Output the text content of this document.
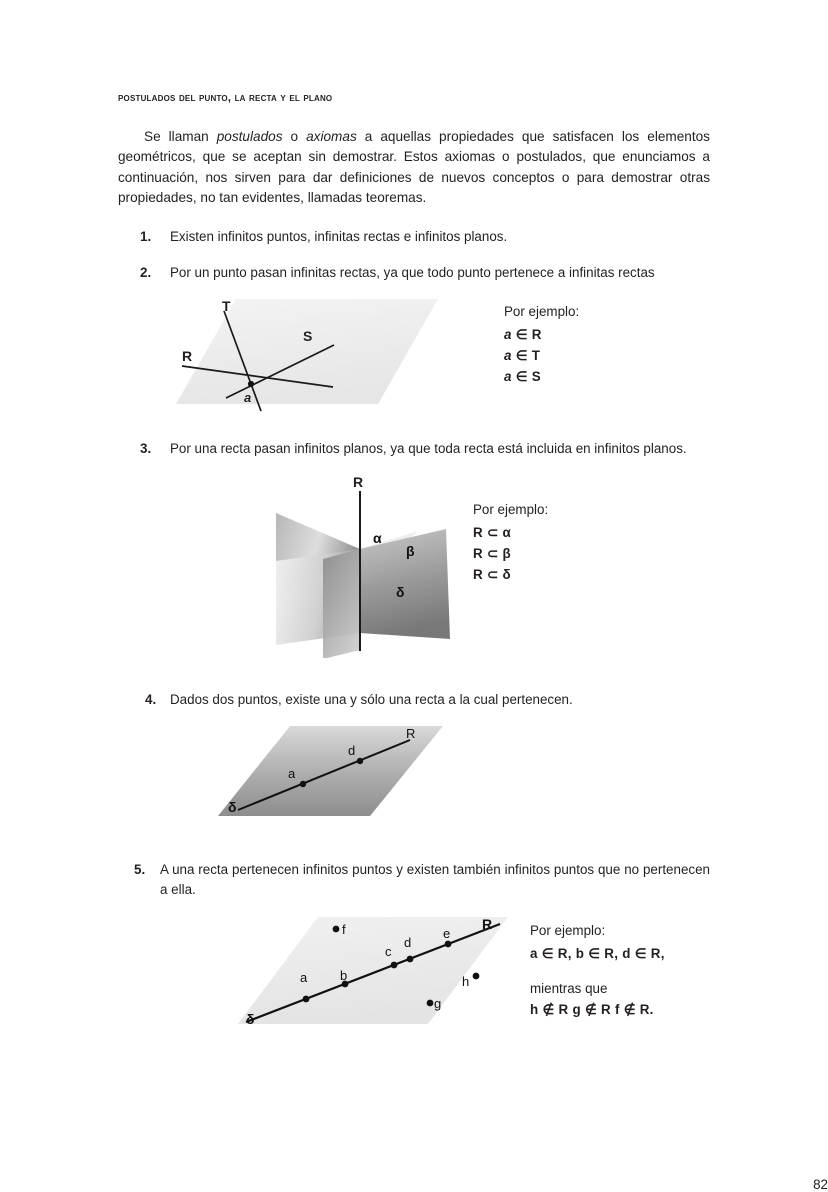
postulados del punto, la recta y el plano

Se llaman postulados o axiomas a aquellas propiedades que satisfacen los elementos geométricos, que se aceptan sin demostrar. Estos axiomas o postulados, que enunciamos a continuación, nos sirven para dar definiciones de nuevos conceptos o para demostrar otras propiedades, no tan evidentes, llamadas teoremas.

1.	Existen infinitos puntos, infinitas rectas e infinitos planos.
2.	Por un punto pasan infinitas rectas, ya que todo punto pertenece a infinitas rectas
T
S
R
a
Por ejemplo:
a ∈ R
a ∈ T
a ∈ S
3.	Por una recta pasan infinitos planos, ya que toda recta está incluida en infinitos planos.
R
α
β
δ
Por ejemplo:
R ⊂ α
R ⊂ β
R ⊂ δ
4.	Dados dos puntos, existe una y sólo una recta a la cual pertenecen.
a
d
R
δ
5.	A una recta pertenecen infinitos puntos y existen también infinitos puntos que no pertenecen a ella.
f
a	b
c
d
e
g
h
R
δ
Por ejemplo:
a ∈ R, b ∈ R, d ∈ R,
mientras que
h ∉ R g ∉ R f ∉ R.
82
